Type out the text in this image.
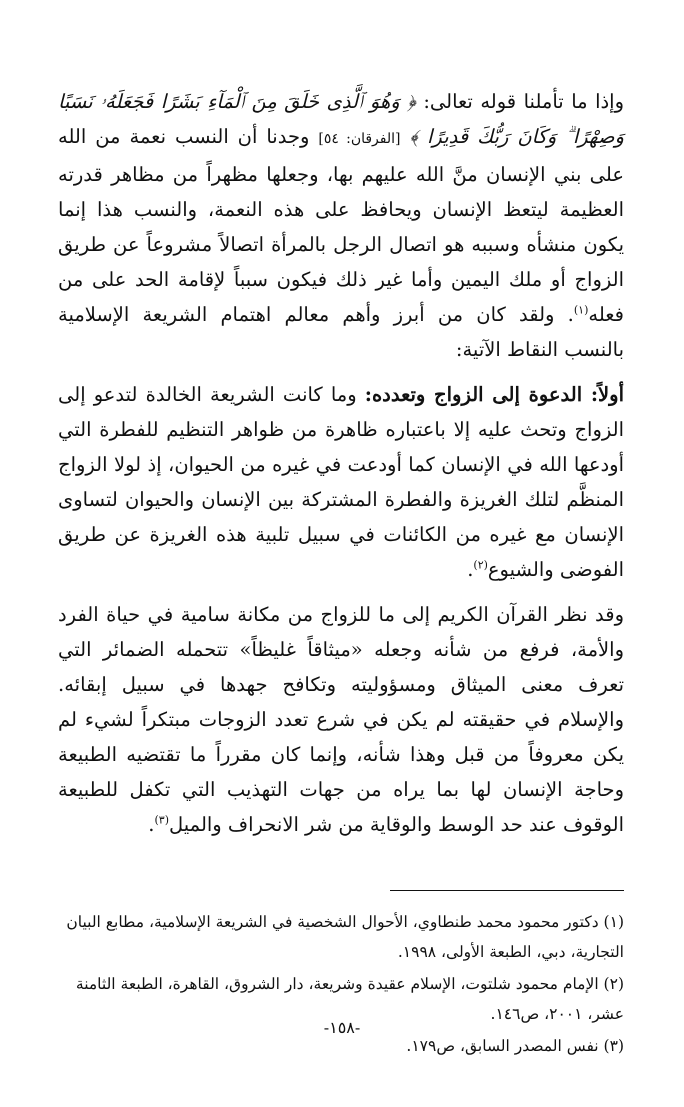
وإذا ما تأملنا قوله تعالى: ﴿ وَهُوَ ٱلَّذِى خَلَقَ مِنَ ٱلْمَآءِ بَشَرًا فَجَعَلَهُۥ نَسَبًا وَصِهْرًا ۗ وَكَانَ رَبُّكَ قَدِيرًا ﴾ [الفرقان: ٥٤] وجدنا أن النسب نعمة من الله على بني الإنسان منَّ الله عليهم بها، وجعلها مظهراً من مظاهر قدرته العظيمة ليتعظ الإنسان ويحافظ على هذه النعمة، والنسب هذا إنما يكون منشأه وسببه هو اتصال الرجل بالمرأة اتصالاً مشروعاً عن طريق الزواج أو ملك اليمين وأما غير ذلك فيكون سبباً لإقامة الحد على من فعله$^{(١)}$. ولقد كان من أبرز وأهم معالم اهتمام الشريعة الإسلامية بالنسب النقاط الآتية:

أولاً: الدعوة إلى الزواج وتعدده: وما كانت الشريعة الخالدة لتدعو إلى الزواج وتحث عليه إلا باعتباره ظاهرة من ظواهر التنظيم للفطرة التي أودعها الله في الإنسان كما أودعت في غيره من الحيوان، إذ لولا الزواج المنظَّم لتلك الغريزة والفطرة المشتركة بين الإنسان والحيوان لتساوى الإنسان مع غيره من الكائنات في سبيل تلبية هذه الغريزة عن طريق الفوضى والشيوع$^{(٢)}$.

وقد نظر القرآن الكريم إلى ما للزواج من مكانة سامية في حياة الفرد والأمة، فرفع من شأنه وجعله «ميثاقاً غليظاً» تتحمله الضمائر التي تعرف معنى الميثاق ومسؤوليته وتكافح جهدها في سبيل إبقائه. والإسلام في حقيقته لم يكن في شرع تعدد الزوجات مبتكراً لشيء لم يكن معروفاً من قبل وهذا شأنه، وإنما كان مقرراً ما تقتضيه الطبيعة وحاجة الإنسان لها بما يراه من جهات التهذيب التي تكفل للطبيعة الوقوف عند حد الوسط والوقاية من شر الانحراف والميل$^{(٣)}$.

(١) دكتور محمود محمد طنطاوي، الأحوال الشخصية في الشريعة الإسلامية، مطابع البيان التجارية، دبي، الطبعة الأولى، ١٩٩٨.

(٢) الإمام محمود شلتوت، الإسلام عقيدة وشريعة، دار الشروق، القاهرة، الطبعة الثامنة عشر، ٢٠٠١، ص١٤٦.

(٣) نفس المصدر السابق، ص١٧٩.

-١٥٨-
